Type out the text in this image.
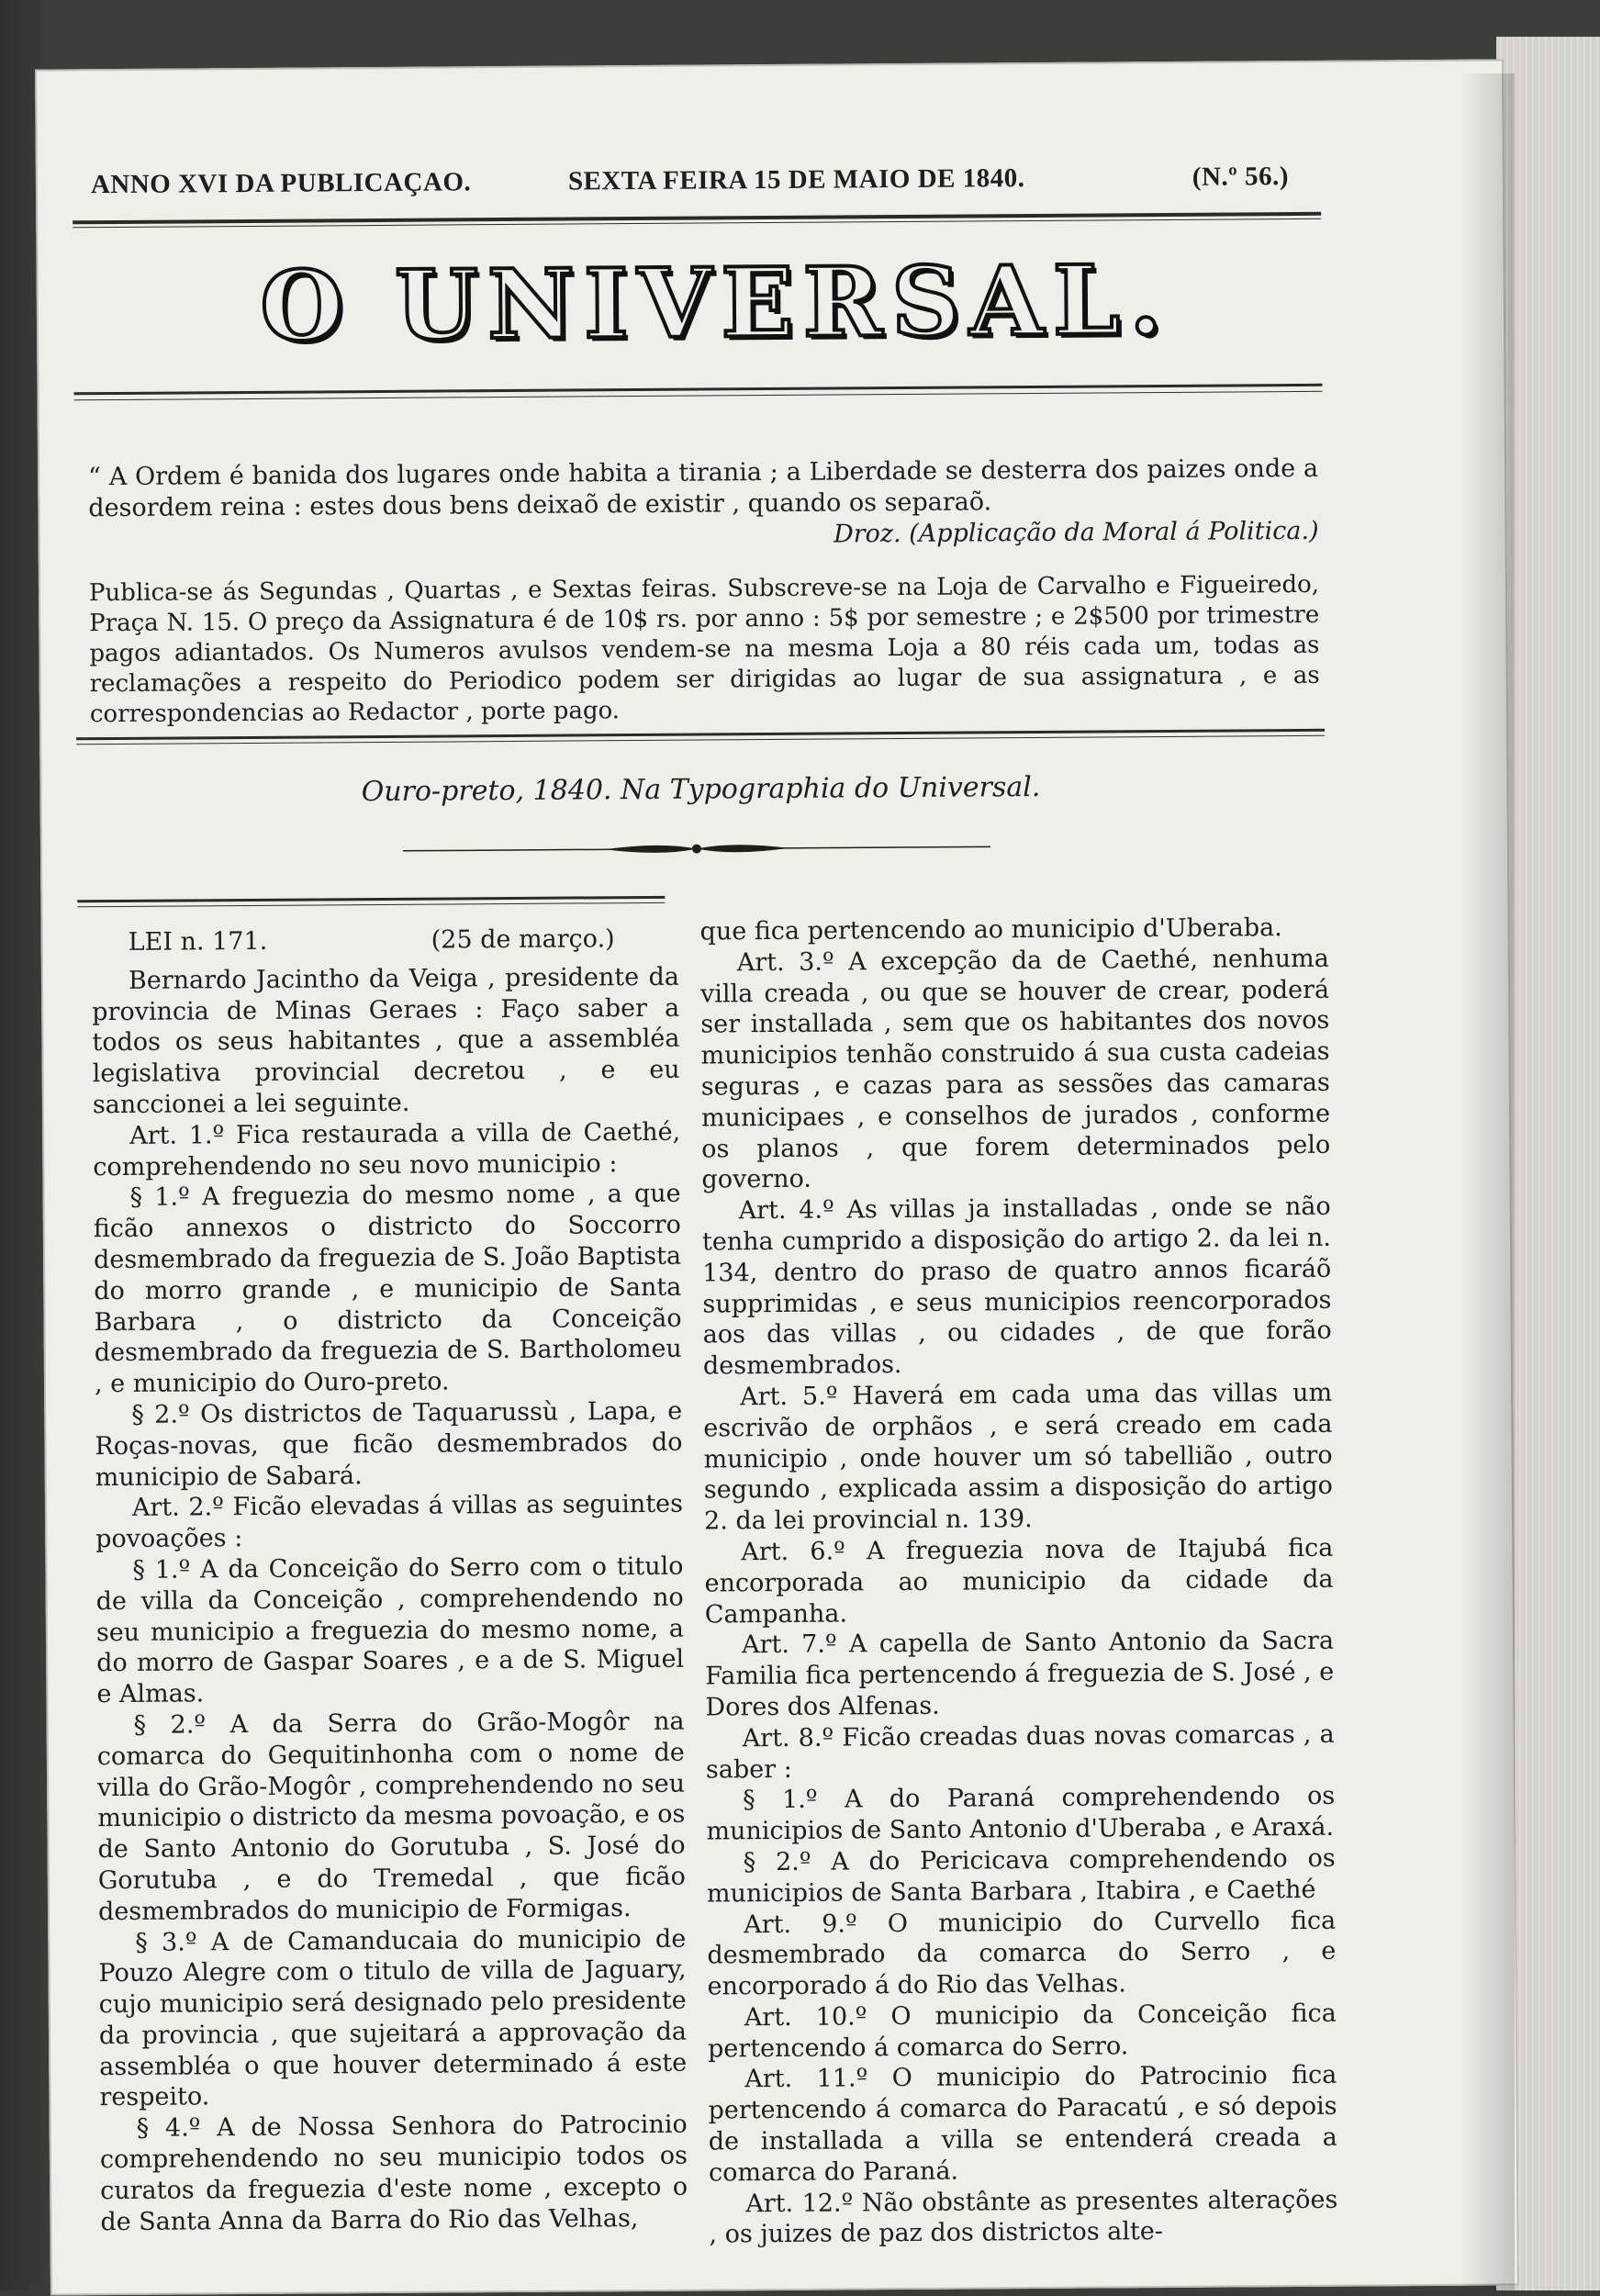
ANNO XVI DA PUBLICAÇAO.	SEXTA FEIRA 15 DE MAIO DE 1840.	(N.º 56.)
O UNIVERSAL.
“ A Ordem é banida dos lugares onde habita a tirania ; a Liberdade se desterra dos paizes onde a desordem reina : estes dous bens deixaõ de existir , quando os separaõ.
Droz. (Applicação da Moral á Politica.)
Publica-se ás Segundas , Quartas , e Sextas feiras. Subscreve-se na Loja de Carvalho e Figueiredo, Praça N. 15. O preço da Assignatura é de 10$ rs. por anno : 5$ por semestre ; e 2$500 por trimestre pagos adiantados. Os Numeros avulsos vendem-se na mesma Loja a 80 réis cada um, todas as reclamações a respeito do Periodico podem ser dirigidas ao lugar de sua assignatura , e as correspondencias ao Redactor , porte pago.
Ouro-preto, 1840. Na Typographia do Universal.
LEI n. 171.	(25 de março.)

Bernardo Jacintho da Veiga , presidente da provincia de Minas Geraes : Faço saber a todos os seus habitantes , que a assembléa legislativa provincial decretou , e eu sanccionei a lei seguinte.

Art. 1.º Fica restaurada a villa de Caethé, comprehendendo no seu novo municipio :

§ 1.º A freguezia do mesmo nome , a que ficão annexos o districto do Soccorro desmembrado da freguezia de S. João Baptista do morro grande , e municipio de Santa Barbara , o districto da Conceição desmembrado da freguezia de S. Bartholomeu , e municipio do Ouro-preto.

§ 2.º Os districtos de Taquarussù , Lapa, e Roças-novas, que ficão desmembrados do municipio de Sabará.

Art. 2.º Ficão elevadas á villas as seguintes povoações :

§ 1.º A da Conceição do Serro com o titulo de villa da Conceição , comprehendendo no seu municipio a freguezia do mesmo nome, a do morro de Gaspar Soares , e a de S. Miguel e Almas.

§ 2.º A da Serra do Grão-Mogôr na comarca do Gequitinhonha com o nome de villa do Grão-Mogôr , comprehendendo no seu municipio o districto da mesma povoação, e os de Santo Antonio do Gorutuba , S. José do Gorutuba , e do Tremedal , que ficão desmembrados do municipio de Formigas.

§ 3.º A de Camanducaia do municipio de Pouzo Alegre com o titulo de villa de Jaguary, cujo municipio será designado pelo presidente da provincia , que sujeitará a approvação da assembléa o que houver determinado á este respeito.

§ 4.º A de Nossa Senhora do Patrocinio comprehendendo no seu municipio todos os curatos da freguezia d'este nome , excepto o de Santa Anna da Barra do Rio das Velhas,

que fica pertencendo ao municipio d'Uberaba.

Art. 3.º A excepção da de Caethé, nenhuma villa creada , ou que se houver de crear, poderá ser installada , sem que os habitantes dos novos municipios tenhão construido á sua custa cadeias seguras , e cazas para as sessões das camaras municipaes , e conselhos de jurados , conforme os planos , que forem determinados pelo governo.

Art. 4.º As villas ja installadas , onde se não tenha cumprido a disposição do artigo 2. da lei n. 134, dentro do praso de quatro annos ficaráõ supprimidas , e seus municipios reencorporados aos das villas , ou cidades , de que forão desmembrados.

Art. 5.º Haverá em cada uma das villas um escrivão de orphãos , e será creado em cada municipio , onde houver um só tabellião , outro segundo , explicada assim a disposição do artigo 2. da lei provincial n. 139.

Art. 6.º A freguezia nova de Itajubá fica encorporada ao municipio da cidade da Campanha.

Art. 7.º A capella de Santo Antonio da Sacra Familia fica pertencendo á freguezia de S. José , e Dores dos Alfenas.

Art. 8.º Ficão creadas duas novas comarcas , a saber :

§ 1.º A do Paraná comprehendendo os municipios de Santo Antonio d'Uberaba , e Araxá.

§ 2.º A do Pericicava comprehendendo os municipios de Santa Barbara , Itabira , e Caethé

Art. 9.º O municipio do Curvello fica desmembrado da comarca do Serro , e encorporado á do Rio das Velhas.

Art. 10.º O municipio da Conceição fica pertencendo á comarca do Serro.

Art. 11.º O municipio do Patrocinio fica pertencendo á comarca do Paracatú , e só depois de installada a villa se entenderá creada a comarca do Paraná.

Art. 12.º Não obstânte as presentes alterações , os juizes de paz dos districtos alte-
